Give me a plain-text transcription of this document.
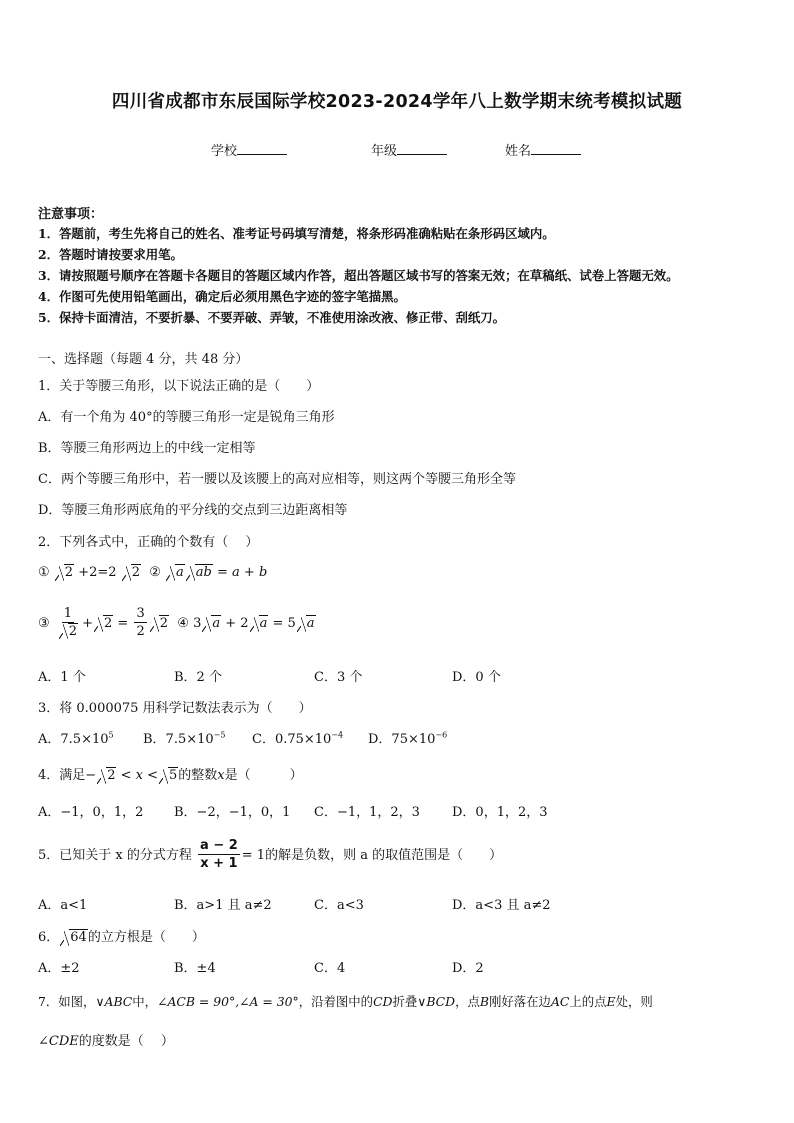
四川省成都市东辰国际学校2023-2024学年八上数学期末统考模拟试题
学校	年级	姓名
注意事项：
1．答题前，考生先将自己的姓名、准考证号码填写清楚，将条形码准确粘贴在条形码区域内。
2．答题时请按要求用笔。
3．请按照题号顺序在答题卡各题目的答题区域内作答，超出答题区域书写的答案无效；在草稿纸、试卷上答题无效。
4．作图可先使用铅笔画出，确定后必须用黑色字迹的签字笔描黑。
5．保持卡面清洁，不要折暴、不要弄破、弄皱，不准使用涂改液、修正带、刮纸刀。
一、选择题（每题 4 分，共 48 分）
1．关于等腰三角形，以下说法正确的是（　　）
A．有一个角为 40°的等腰三角形一定是锐角三角形
B．等腰三角形两边上的中线一定相等
C．两个等腰三角形中，若一腰以及该腰上的高对应相等，则这两个等腰三角形全等
D．等腰三角形两底角的平分线的交点到三边距离相等
2．下列各式中，正确的个数有（　 ）
① 2 +2=2 2 ② a ab = a + b
③ $\frac{1}{2} + 2 = \frac{3}{2} 2$ ④ 3 a + 2 a = 5 a
A．1 个	B．2 个	C．3 个	D．0 个
3．将 0.000075 用科学记数法表示为（　　）
A．$7.5\times 10^5$ B．$7.5\times 10^{-5}$ C．$0.75\times 10^{-4}$ D．$75\times 10^{-6}$
4．满足− 2 < x < 5的整数x是（　　　）
A．−1，0，1，2 B．−2，−1，0，1 C．−1，1，2，3 D．0，1，2，3
5．已知关于 x 的分式方程 $\frac{a - 2}{x + 1} = 1$的解是负数，则 a 的取值范围是（　　）
A．a<1	B．a>1 且 a≠2	C．a<3	D．a<3 且 a≠2
6． 64的立方根是（　　）
A．±2	B．±4	C．4	D．2
7．如图，∨ABC中，∠ACB = 90°,∠A = 30°，沿着图中的CD折叠∨BCD，点B刚好落在边AC上的点E处，则
∠CDE的度数是（　 ）
